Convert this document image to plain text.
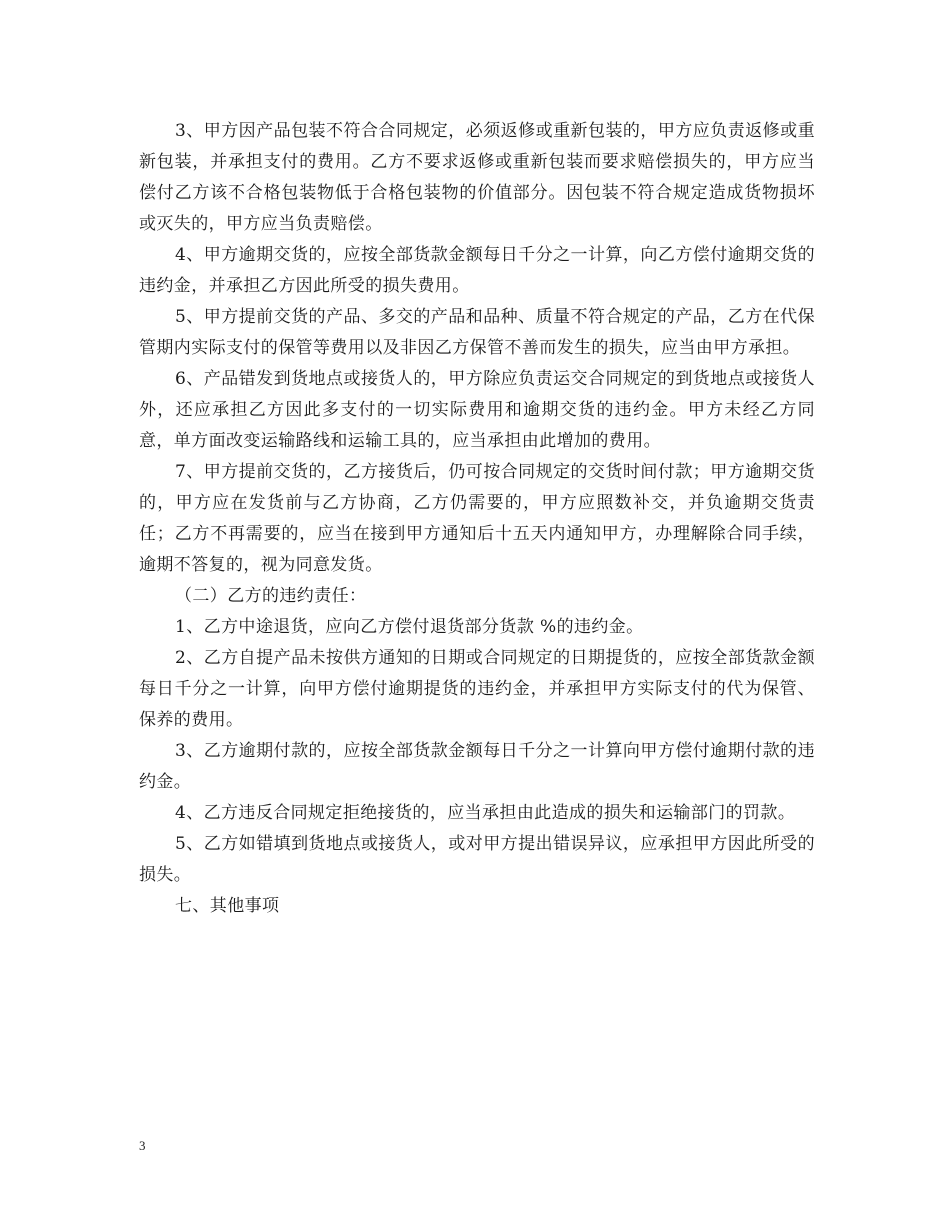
3、甲方因产品包装不符合合同规定，必须返修或重新包装的，甲方应负责返修或重新包装，并承担支付的费用。乙方不要求返修或重新包装而要求赔偿损失的，甲方应当偿付乙方该不合格包装物低于合格包装物的价值部分。因包装不符合规定造成货物损坏或灭失的，甲方应当负责赔偿。

4、甲方逾期交货的，应按全部货款金额每日千分之一计算，向乙方偿付逾期交货的违约金，并承担乙方因此所受的损失费用。

5、甲方提前交货的产品、多交的产品和品种、质量不符合规定的产品，乙方在代保管期内实际支付的保管等费用以及非因乙方保管不善而发生的损失，应当由甲方承担。

6、产品错发到货地点或接货人的，甲方除应负责运交合同规定的到货地点或接货人外，还应承担乙方因此多支付的一切实际费用和逾期交货的违约金。甲方未经乙方同意，单方面改变运输路线和运输工具的，应当承担由此增加的费用。

7、甲方提前交货的，乙方接货后，仍可按合同规定的交货时间付款；甲方逾期交货的，甲方应在发货前与乙方协商，乙方仍需要的，甲方应照数补交，并负逾期交货责任；乙方不再需要的，应当在接到甲方通知后十五天内通知甲方，办理解除合同手续，逾期不答复的，视为同意发货。

（二）乙方的违约责任：

1、乙方中途退货，应向乙方偿付退货部分货款 %的违约金。

2、乙方自提产品未按供方通知的日期或合同规定的日期提货的，应按全部货款金额每日千分之一计算，向甲方偿付逾期提货的违约金，并承担甲方实际支付的代为保管、保养的费用。

3、乙方逾期付款的，应按全部货款金额每日千分之一计算向甲方偿付逾期付款的违约金。

4、乙方违反合同规定拒绝接货的，应当承担由此造成的损失和运输部门的罚款。

5、乙方如错填到货地点或接货人，或对甲方提出错误异议，应承担甲方因此所受的损失。

七、其他事项

3
